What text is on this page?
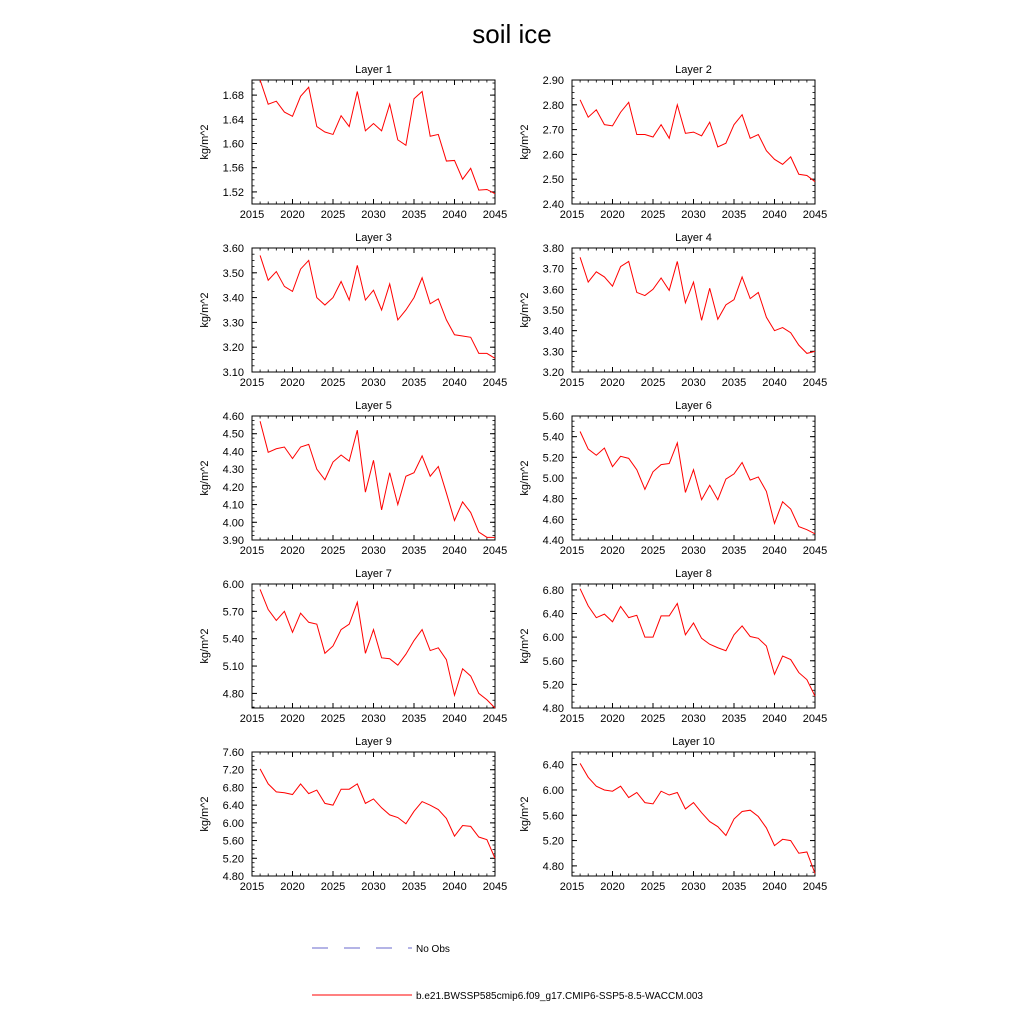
soil ice
Layer 1
kg/m^2
2015 2020 2025 2030 2035 2040 2045
1.52
1.56
1.60
1.64
1.68
Layer 2
kg/m^2
2015 2020 2025 2030 2035 2040 2045
2.40
2.50
2.60
2.70
2.80
2.90
Layer 3
kg/m^2
2015 2020 2025 2030 2035 2040 2045
3.10
3.20
3.30
3.40
3.50
3.60
Layer 4
kg/m^2
2015 2020 2025 2030 2035 2040 2045
3.20
3.30
3.40
3.50
3.60
3.70
3.80
Layer 5
kg/m^2
2015 2020 2025 2030 2035 2040 2045
3.90
4.00
4.10
4.20
4.30
4.40
4.50
4.60
Layer 6
kg/m^2
2015 2020 2025 2030 2035 2040 2045
4.40
4.60
4.80
5.00
5.20
5.40
5.60
Layer 7
kg/m^2
2015 2020 2025 2030 2035 2040 2045
4.80
5.10
5.40
5.70
6.00
Layer 8
kg/m^2
2015 2020 2025 2030 2035 2040 2045
4.80
5.20
5.60
6.00
6.40
6.80
Layer 9
kg/m^2
2015 2020 2025 2030 2035 2040 2045
4.80
5.20
5.60
6.00
6.40
6.80
7.20
7.60
Layer 10
kg/m^2
2015 2020 2025 2030 2035 2040 2045
4.80
5.20
5.60
6.00
6.40
No Obs
b.e21.BWSSP585cmip6.f09_g17.CMIP6-SSP5-8.5-WACCM.003
